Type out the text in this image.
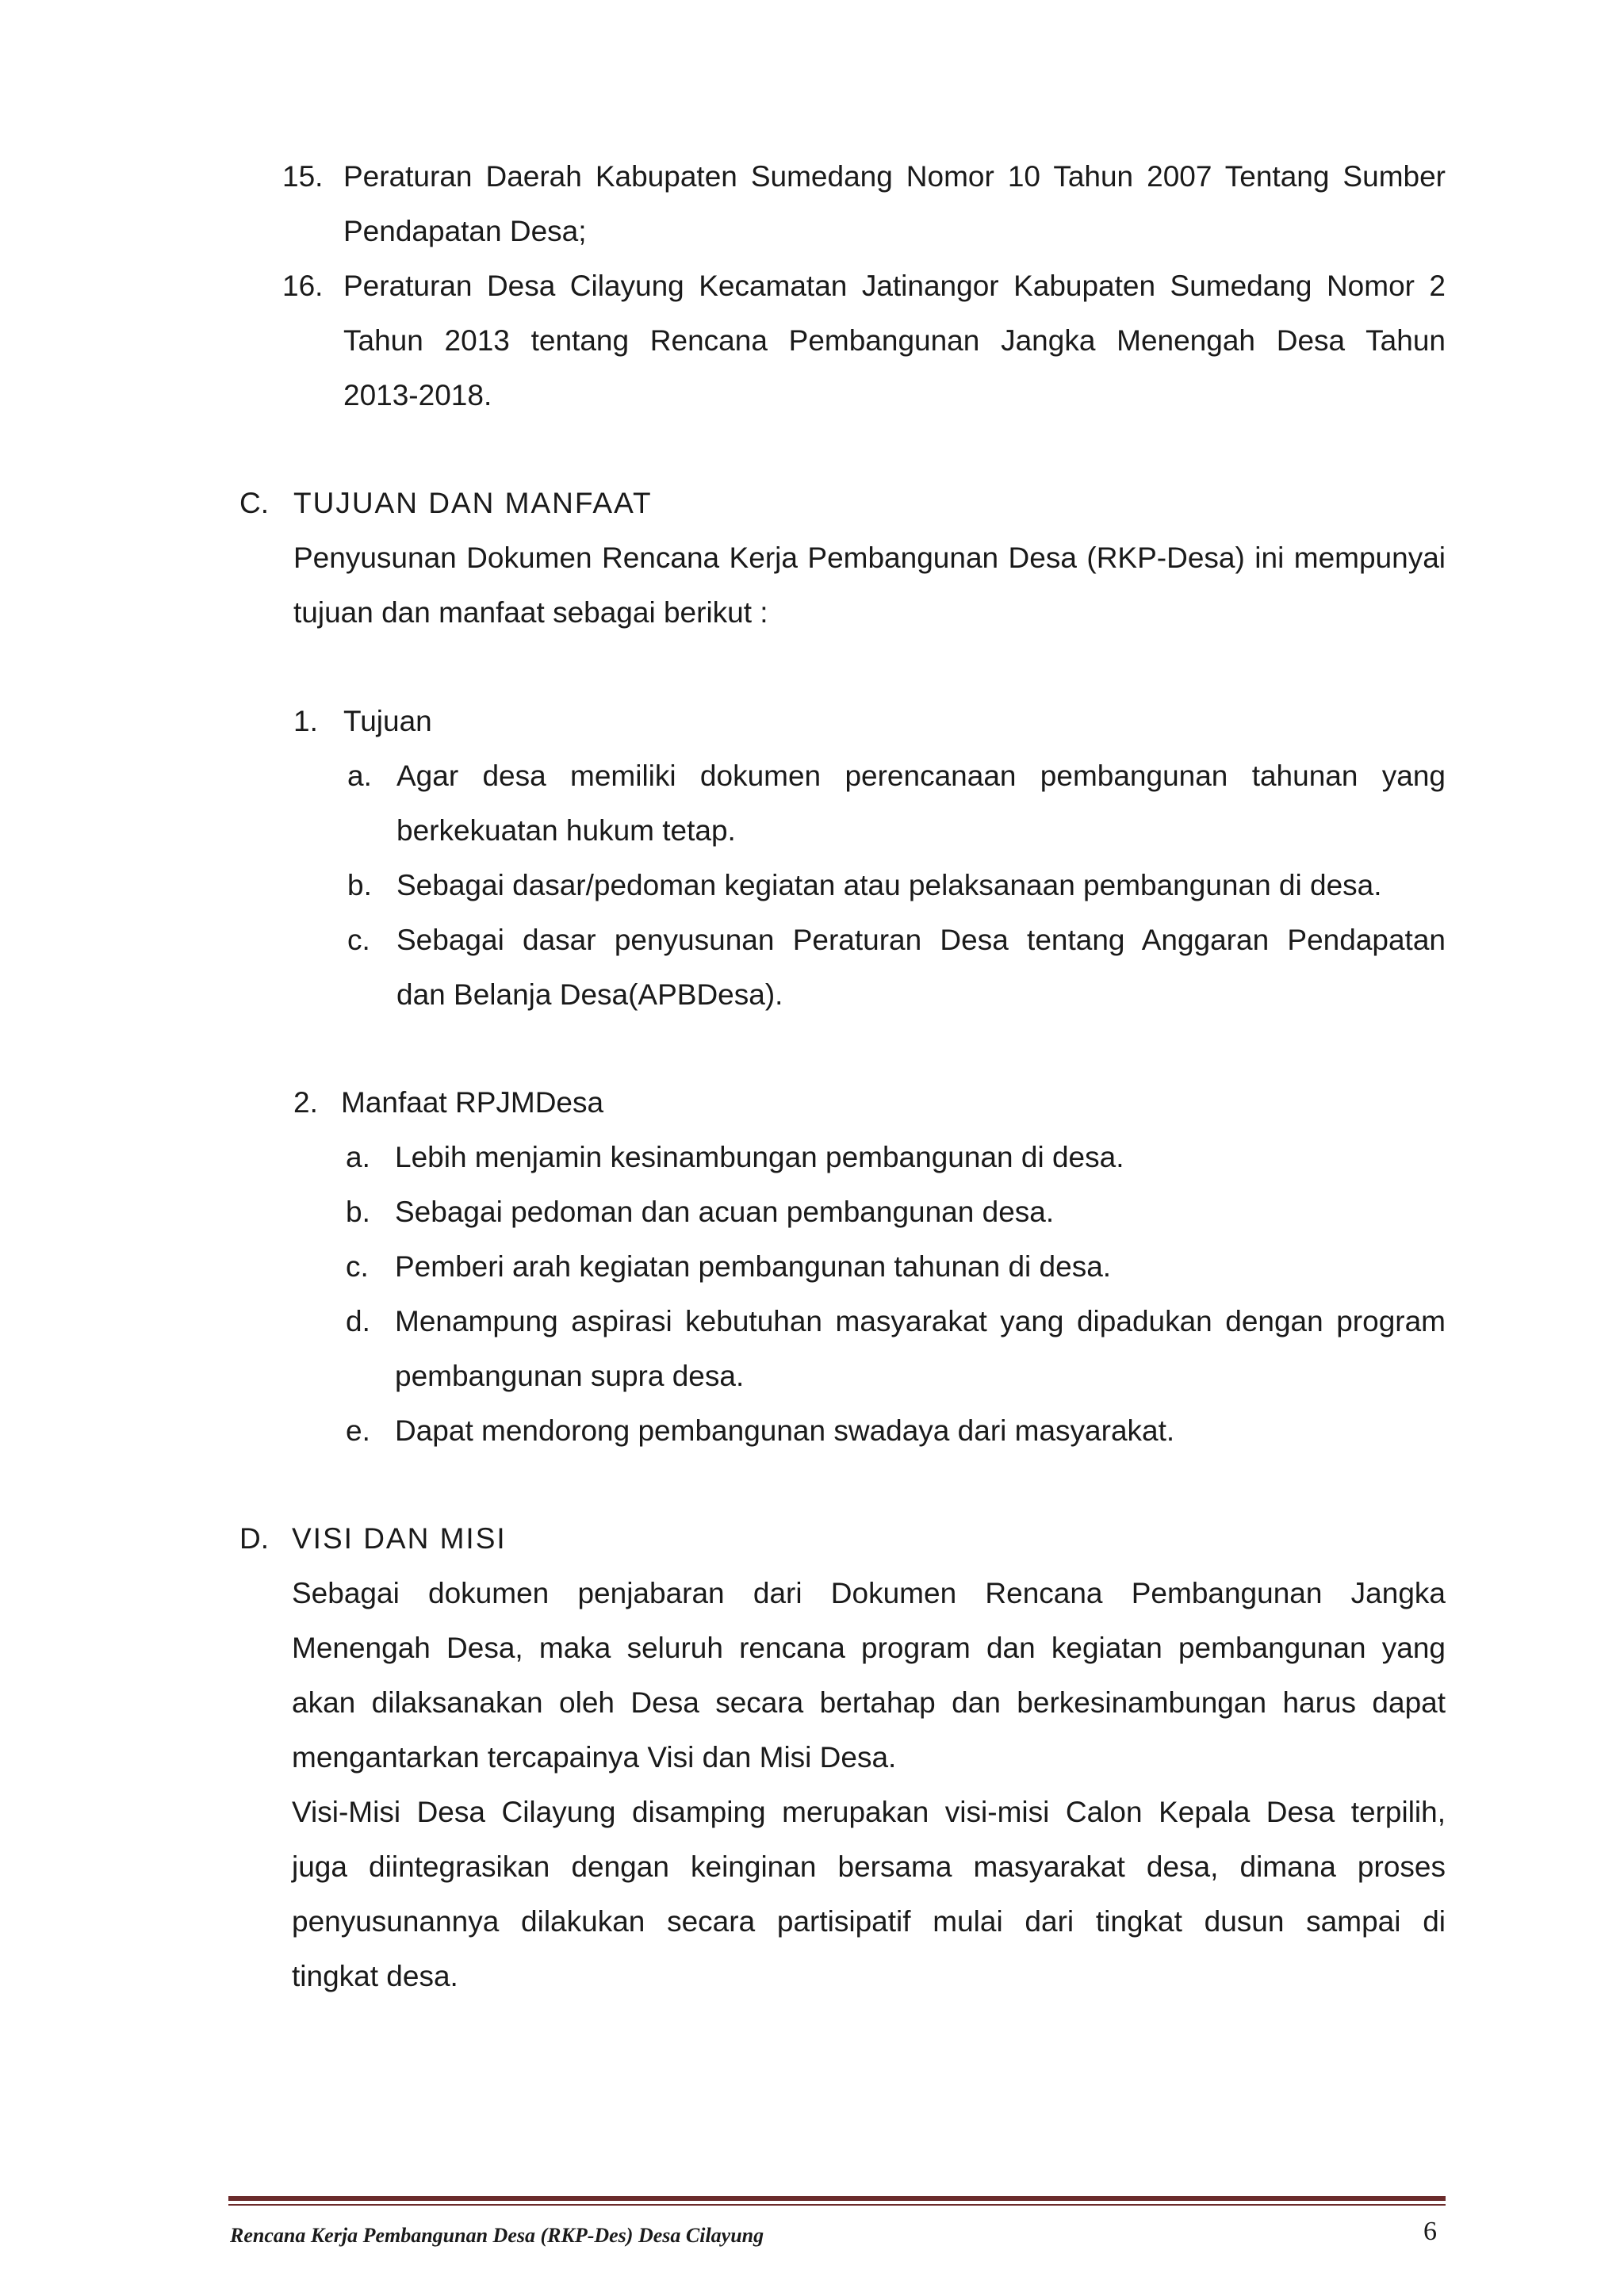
15. Peraturan Daerah Kabupaten Sumedang Nomor 10 Tahun 2007 Tentang Sumber
Pendapatan Desa;
16. Peraturan Desa Cilayung Kecamatan Jatinangor Kabupaten Sumedang Nomor 2
Tahun 2013 tentang Rencana Pembangunan Jangka Menengah Desa Tahun
2013-2018.
C. TUJUAN DAN MANFAAT
Penyusunan Dokumen Rencana Kerja Pembangunan Desa (RKP-Desa) ini mempunyai
tujuan dan manfaat sebagai berikut :
1. Tujuan
a. Agar desa memiliki dokumen perencanaan pembangunan tahunan yang
berkekuatan hukum tetap.
b. Sebagai dasar/pedoman kegiatan atau pelaksanaan pembangunan di desa.
c. Sebagai dasar penyusunan Peraturan Desa tentang Anggaran Pendapatan
dan Belanja Desa(APBDesa).
2. Manfaat RPJMDesa
a. Lebih menjamin kesinambungan pembangunan di desa.
b. Sebagai pedoman dan acuan pembangunan desa.
c. Pemberi arah kegiatan pembangunan tahunan di desa.
d. Menampung aspirasi kebutuhan masyarakat yang dipadukan dengan program
pembangunan supra desa.
e. Dapat mendorong pembangunan swadaya dari masyarakat.
D. VISI DAN MISI
Sebagai dokumen penjabaran dari Dokumen Rencana Pembangunan Jangka
Menengah Desa, maka seluruh rencana program dan kegiatan pembangunan yang
akan dilaksanakan oleh Desa secara bertahap dan berkesinambungan harus dapat
mengantarkan tercapainya Visi dan Misi Desa.
Visi-Misi Desa Cilayung disamping merupakan visi-misi Calon Kepala Desa terpilih,
juga diintegrasikan dengan keinginan bersama masyarakat desa, dimana proses
penyusunannya dilakukan secara partisipatif mulai dari tingkat dusun sampai di
tingkat desa.
Rencana Kerja Pembangunan Desa (RKP-Des) Desa Cilayung	6
